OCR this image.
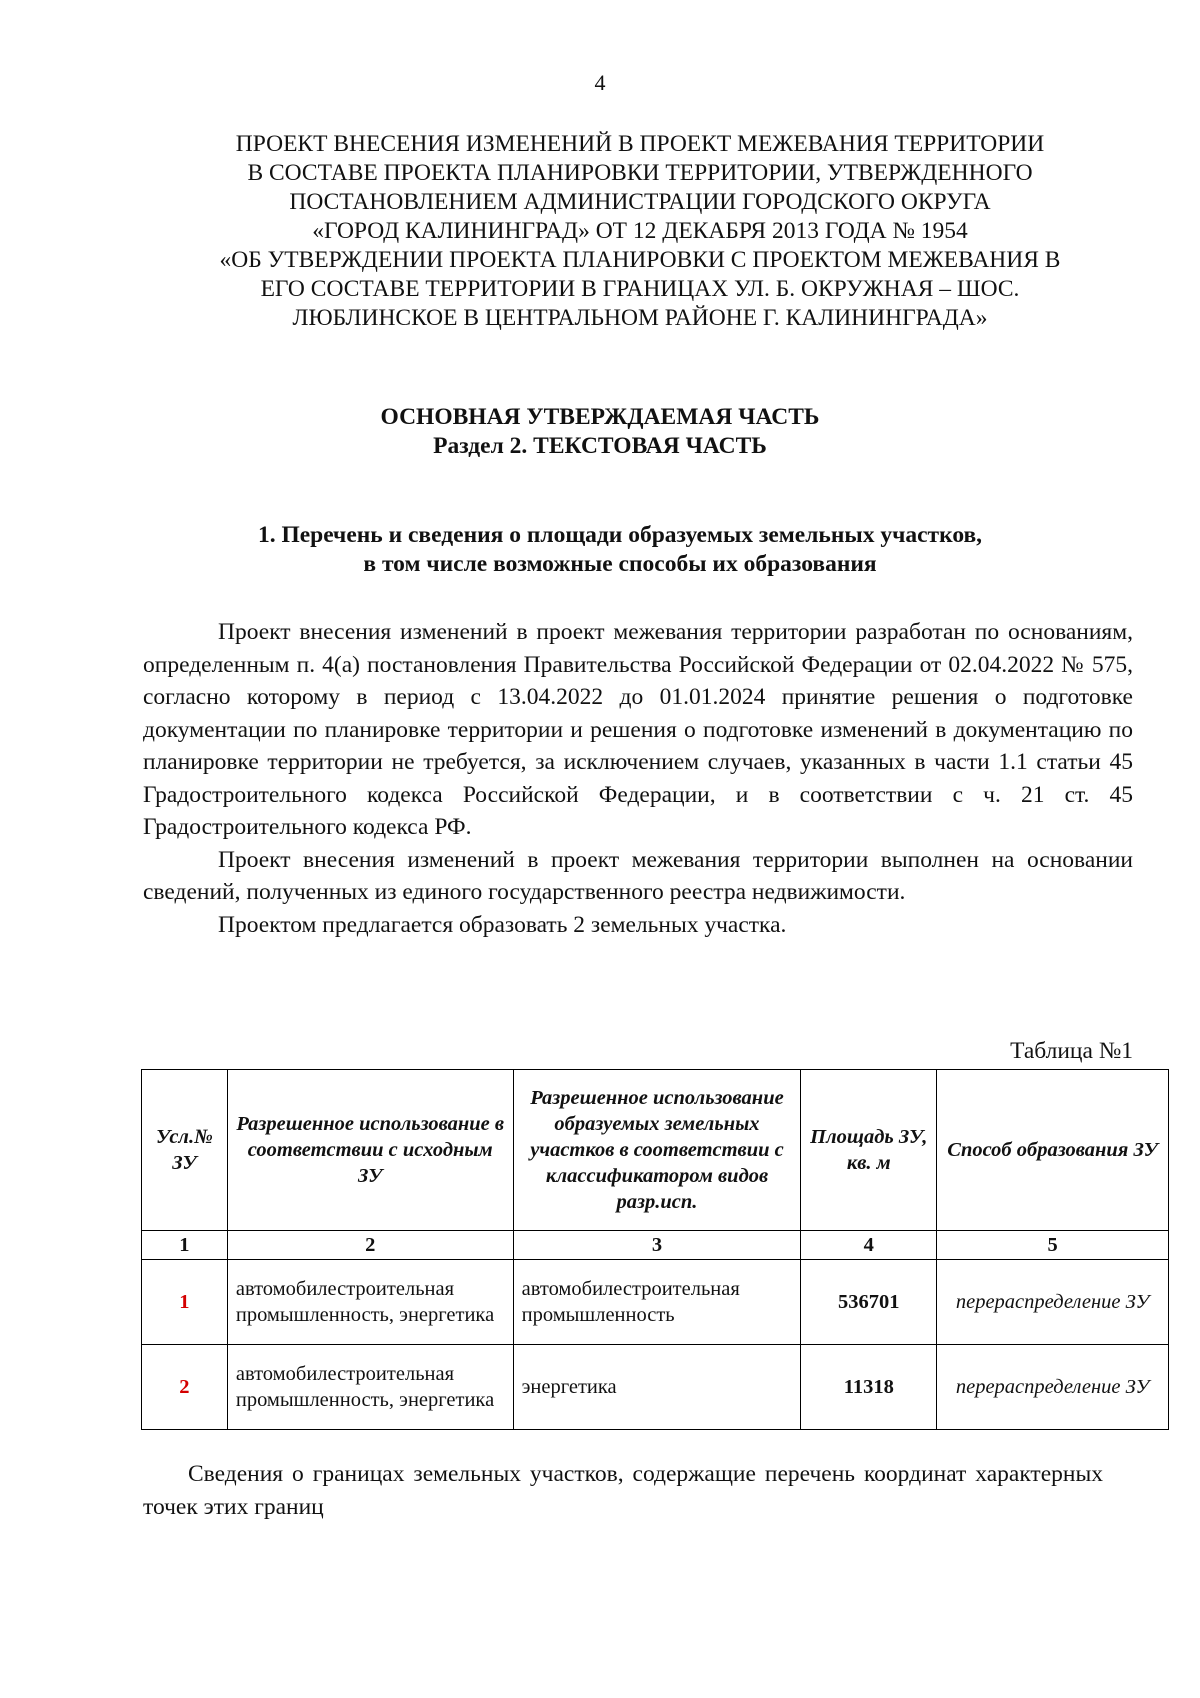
4
ПРОЕКТ ВНЕСЕНИЯ ИЗМЕНЕНИЙ В ПРОЕКТ МЕЖЕВАНИЯ ТЕРРИТОРИИ
В СОСТАВЕ ПРОЕКТА ПЛАНИРОВКИ ТЕРРИТОРИИ, УТВЕРЖДЕННОГО
ПОСТАНОВЛЕНИЕМ АДМИНИСТРАЦИИ ГОРОДСКОГО ОКРУГА
«ГОРОД КАЛИНИНГРАД» ОТ 12 ДЕКАБРЯ 2013 ГОДА № 1954
«ОБ УТВЕРЖДЕНИИ ПРОЕКТА ПЛАНИРОВКИ С ПРОЕКТОМ МЕЖЕВАНИЯ В
ЕГО СОСТАВЕ ТЕРРИТОРИИ В ГРАНИЦАХ УЛ. Б. ОКРУЖНАЯ – ШОС.
ЛЮБЛИНСКОЕ В ЦЕНТРАЛЬНОМ РАЙОНЕ Г. КАЛИНИНГРАДА»
ОСНОВНАЯ УТВЕРЖДАЕМАЯ ЧАСТЬ
Раздел 2. ТЕКСТОВАЯ ЧАСТЬ
1. Перечень и сведения о площади образуемых земельных участков,
в том числе возможные способы их образования

Проект внесения изменений в проект межевания территории разработан по основаниям, определенным п. 4(а) постановления Правительства Российской Федерации от 02.04.2022 № 575, согласно которому в период с 13.04.2022 до 01.01.2024 принятие решения о подготовке документации по планировке территории и решения о подготовке изменений в документацию по планировке территории не требуется, за исключением случаев, указанных в части 1.1 статьи 45 Градостроительного кодекса Российской Федерации, и в соответствии с ч. 21 ст. 45 Градостроительного кодекса РФ.

Проект внесения изменений в проект межевания территории выполнен на основании сведений, полученных из единого государственного реестра недвижимости.

Проектом предлагается образовать 2 земельных участка.

Таблица №1
Усл.№ ЗУ	Разрешенное использование в соответствии с исходным ЗУ	Разрешенное использование образуемых земельных участков в соответствии с классификатором видов разр.исп.	Площадь ЗУ, кв. м	Способ образования ЗУ
1	2	3	4	5
1	автомобилестроительная промышленность, энергетика	автомобилестроительная промышленность	536701	перераспределение ЗУ
2	автомобилестроительная промышленность, энергетика	энергетика	11318	перераспределение ЗУ

Сведения о границах земельных участков, содержащие перечень координат характерных точек этих границ
